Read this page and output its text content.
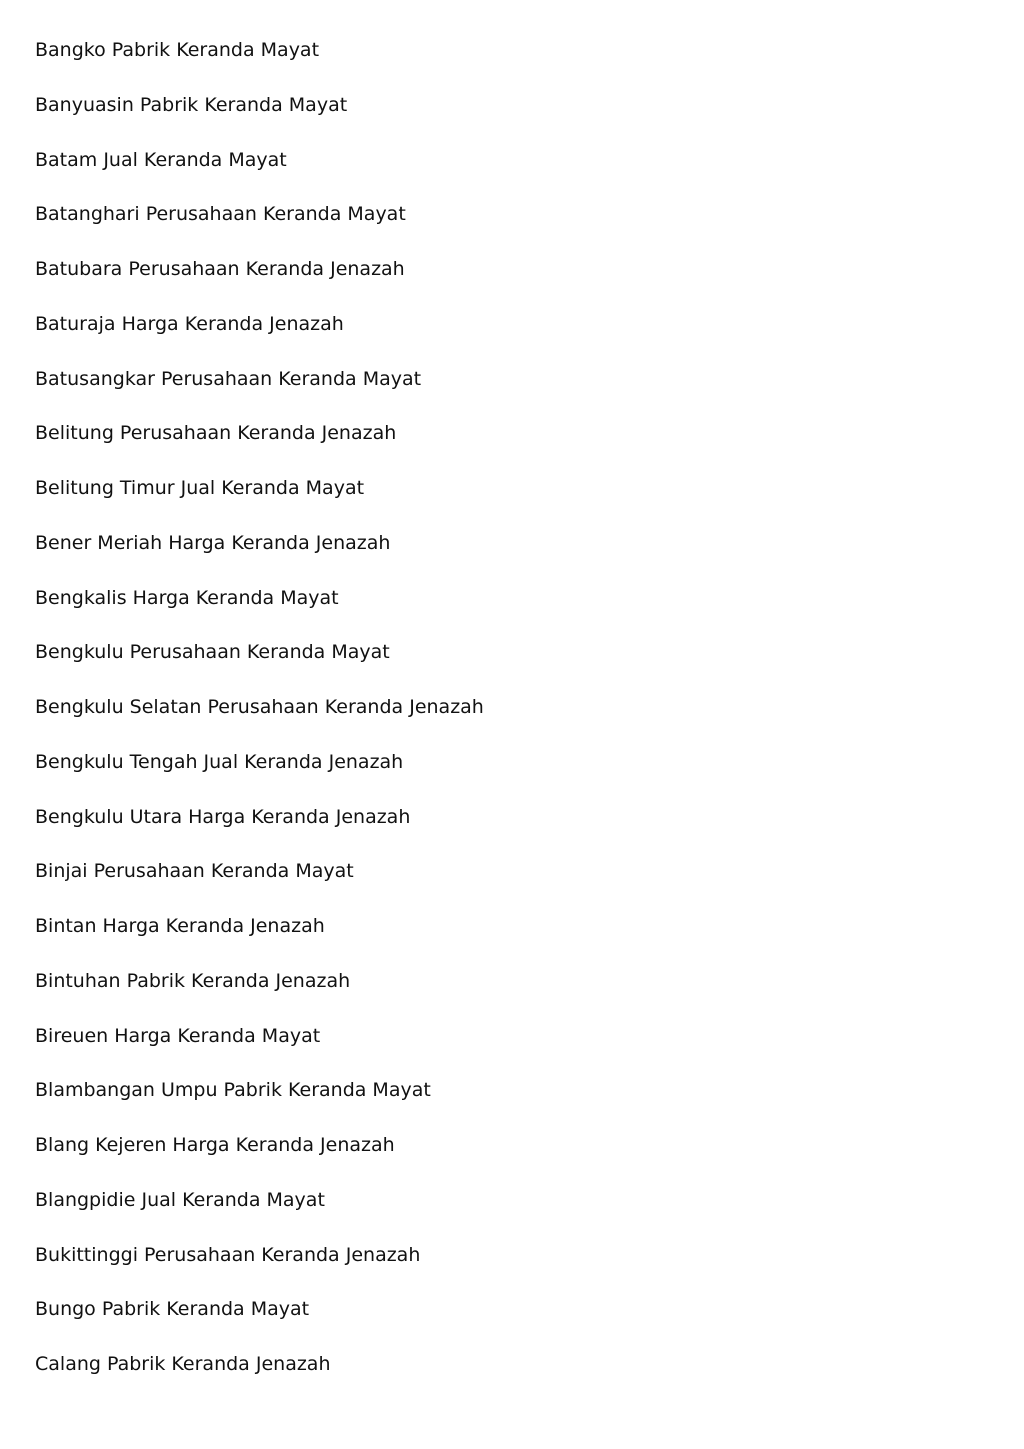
Bangko Pabrik Keranda Mayat
Banyuasin Pabrik Keranda Mayat
Batam Jual Keranda Mayat
Batanghari Perusahaan Keranda Mayat
Batubara Perusahaan Keranda Jenazah
Baturaja Harga Keranda Jenazah
Batusangkar Perusahaan Keranda Mayat
Belitung Perusahaan Keranda Jenazah
Belitung Timur Jual Keranda Mayat
Bener Meriah Harga Keranda Jenazah
Bengkalis Harga Keranda Mayat
Bengkulu Perusahaan Keranda Mayat
Bengkulu Selatan Perusahaan Keranda Jenazah
Bengkulu Tengah Jual Keranda Jenazah
Bengkulu Utara Harga Keranda Jenazah
Binjai Perusahaan Keranda Mayat
Bintan Harga Keranda Jenazah
Bintuhan Pabrik Keranda Jenazah
Bireuen Harga Keranda Mayat
Blambangan Umpu Pabrik Keranda Mayat
Blang Kejeren Harga Keranda Jenazah
Blangpidie Jual Keranda Mayat
Bukittinggi Perusahaan Keranda Jenazah
Bungo Pabrik Keranda Mayat
Calang Pabrik Keranda Jenazah
